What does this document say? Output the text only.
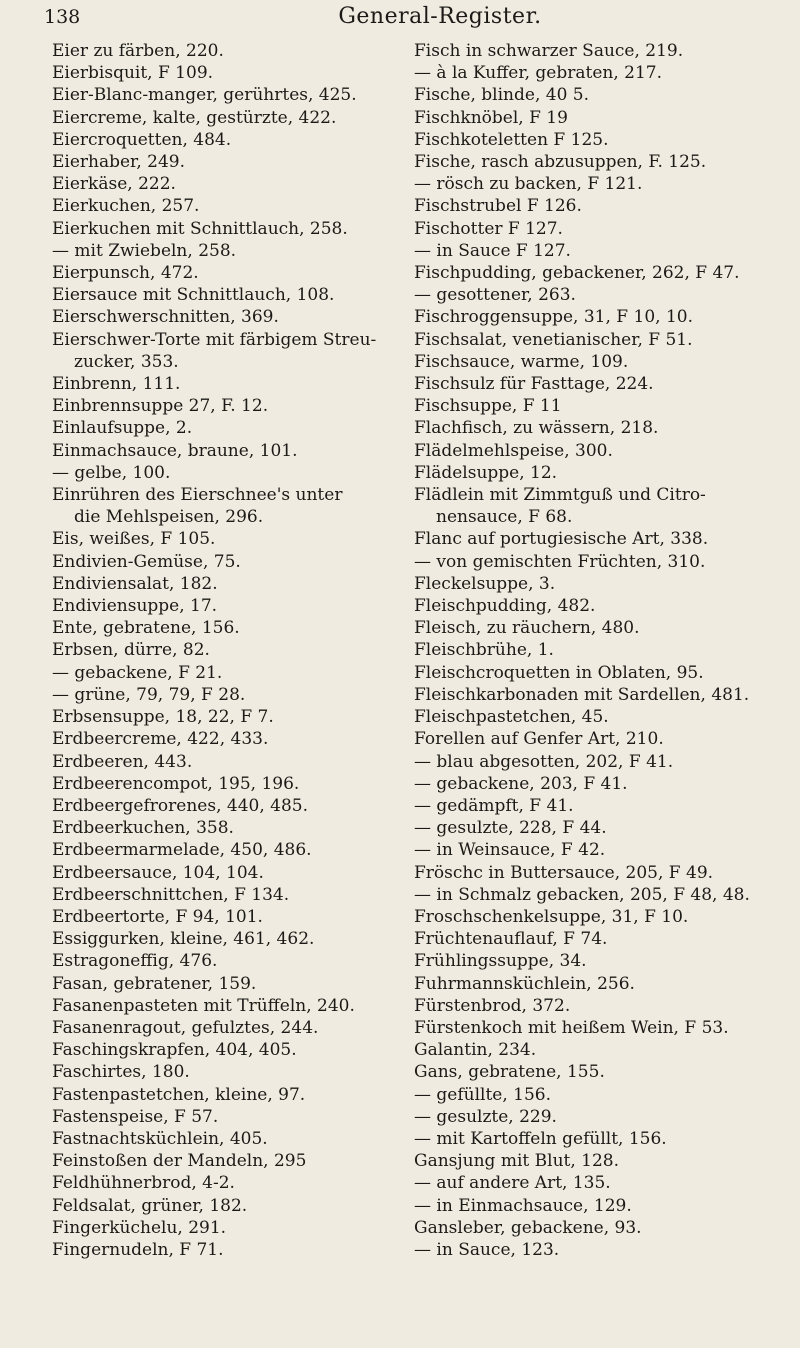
138	General-Register.
Eier zu färben, 220.
Eierbisquit, F 109.
Eier-Blanc-manger, gerührtes, 425.
Eiercreme, kalte, gestürzte, 422.
Eiercroquetten, 484.
Eierhaber, 249.
Eierkäse, 222.
Eierkuchen, 257.
Eierkuchen mit Schnittlauch, 258.
— mit Zwiebeln, 258.
Eierpunsch, 472.
Eiersauce mit Schnittlauch, 108.
Eierschwerschnitten, 369.
Eierschwer-Torte mit färbigem Streu-
zucker, 353.
Einbrenn, 111.
Einbrennsuppe 27, F. 12.
Einlaufsuppe, 2.
Einmachsauce, braune, 101.
— gelbe, 100.
Einrühren des Eierschnee's unter
die Mehlspeisen, 296.
Eis, weißes, F 105.
Endivien-Gemüse, 75.
Endiviensalat, 182.
Endiviensuppe, 17.
Ente, gebratene, 156.
Erbsen, dürre, 82.
— gebackene, F 21.
— grüne, 79, 79, F 28.
Erbsensuppe, 18, 22, F 7.
Erdbeercreme, 422, 433.
Erdbeeren, 443.
Erdbeerencompot, 195, 196.
Erdbeergefrorenes, 440, 485.
Erdbeerkuchen, 358.
Erdbeermarmelade, 450, 486.
Erdbeersauce, 104, 104.
Erdbeerschnittchen, F 134.
Erdbeertorte, F 94, 101.
Essiggurken, kleine, 461, 462.
Estragoneffig, 476.
Fasan, gebratener, 159.
Fasanenpasteten mit Trüffeln, 240.
Fasanenragout, gefulztes, 244.
Faschingskrapfen, 404, 405.
Faschirtes, 180.
Fastenpastetchen, kleine, 97.
Fastenspeise, F 57.
Fastnachtsküchlein, 405.
Feinstoßen der Mandeln, 295
Feldhühnerbrod, 4-2.
Feldsalat, grüner, 182.
Fingerküchelu, 291.
Fingernudeln, F 71.
Fisch in schwarzer Sauce, 219.
— à la Kuffer, gebraten, 217.
Fische, blinde, 40 5.
Fischknöbel, F 19
Fischkoteletten F 125.
Fische, rasch abzusuppen, F. 125.
— rösch zu backen, F 121.
Fischstrubel F 126.
Fischotter F 127.
— in Sauce F 127.
Fischpudding, gebackener, 262, F 47.
— gesottener, 263.
Fischroggensuppe, 31, F 10, 10.
Fischsalat, venetianischer, F 51.
Fischsauce, warme, 109.
Fischsulz für Fasttage, 224.
Fischsuppe, F 11
Flachfisch, zu wässern, 218.
Flädelmehlspeise, 300.
Flädelsuppe, 12.
Flädlein mit Zimmtguß und Citro-
nensauce, F 68.
Flanc auf portugiesische Art, 338.
— von gemischten Früchten, 310.
Fleckelsuppe, 3.
Fleischpudding, 482.
Fleisch, zu räuchern, 480.
Fleischbrühe, 1.
Fleischcroquetten in Oblaten, 95.
Fleischkarbonaden mit Sardellen, 481.
Fleischpastetchen, 45.
Forellen auf Genfer Art, 210.
— blau abgesotten, 202, F 41.
— gebackene, 203, F 41.
— gedämpft, F 41.
— gesulzte, 228, F 44.
— in Weinsauce, F 42.
Fröschc in Buttersauce, 205, F 49.
— in Schmalz gebacken, 205, F 48, 48.
Froschschenkelsuppe, 31, F 10.
Früchtenauflauf, F 74.
Frühlingssuppe, 34.
Fuhrmannsküchlein, 256.
Fürstenbrod, 372.
Fürstenkoch mit heißem Wein, F 53.
Galantin, 234.
Gans, gebratene, 155.
— gefüllte, 156.
— gesulzte, 229.
— mit Kartoffeln gefüllt, 156.
Gansjung mit Blut, 128.
— auf andere Art, 135.
— in Einmachsauce, 129.
Gansleber, gebackene, 93.
— in Sauce, 123.
